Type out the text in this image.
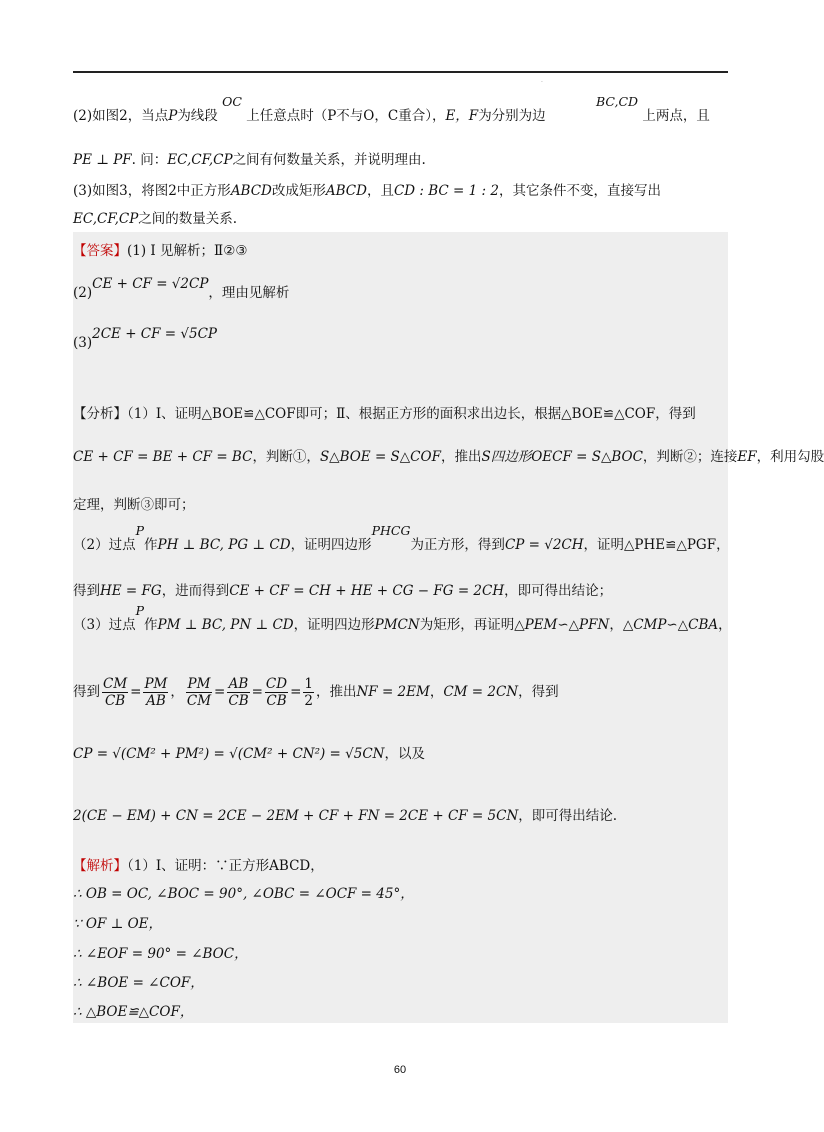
.
(2)如图2，当点P为线段 OC 上任意点时（P不与O，C重合），E，F为分别为边 BC,CD 上两点，且
PE ⊥ PF. 问：EC,CF,CP之间有何数量关系，并说明理由.
(3)如图3，将图2中正方形ABCD改成矩形ABCD，且CD : BC = 1 : 2，其它条件不变，直接写出
EC,CF,CP之间的数量关系.
【答案】(1) Ⅰ 见解析；Ⅱ②③
(2)CE + CF = √2CP，理由见解析
(3)2CE + CF = √5CP
【分析】（1）Ⅰ、证明△BOE≌△COF即可；Ⅱ、根据正方形的面积求出边长，根据△BOE≌△COF，得到
CE + CF = BE + CF = BC，判断①，S△BOE = S△COF，推出S四边形OECF = S△BOC，判断②；连接EF，利用勾股
定理，判断③即可；
（2）过点P作PH ⊥ BC, PG ⊥ CD，证明四边形PHCG为正方形，得到CP = √2CH，证明△PHE≌△PGF，
得到HE = FG，进而得到CE + CF = CH + HE + CG − FG = 2CH，即可得出结论；
（3）过点P作PM ⊥ BC, PN ⊥ CD，证明四边形PMCN为矩形，再证明△PEM∽△PFN，△CMP∽△CBA，
得到 $\frac{CM}{CB} = \frac{PM}{AB}$ ， $\frac{PM}{CM} = \frac{AB}{CB} = \frac{CD}{CB} = \frac{1}{2}$ ，推出NF = 2EM，CM = 2CN，得到
CP = √(CM² + PM²) = √(CM² + CN²) = √5CN，以及
2(CE − EM) + CN = 2CE − 2EM + CF + FN = 2CE + CF = 5CN，即可得出结论.
【解析】（1）Ⅰ、证明：∵正方形ABCD，
∴ OB = OC, ∠BOC = 90°, ∠OBC = ∠OCF = 45°，
∵ OF ⊥ OE，
∴ ∠EOF = 90° = ∠BOC，
∴ ∠BOE = ∠COF，
∴ △BOE≌△COF，
60
